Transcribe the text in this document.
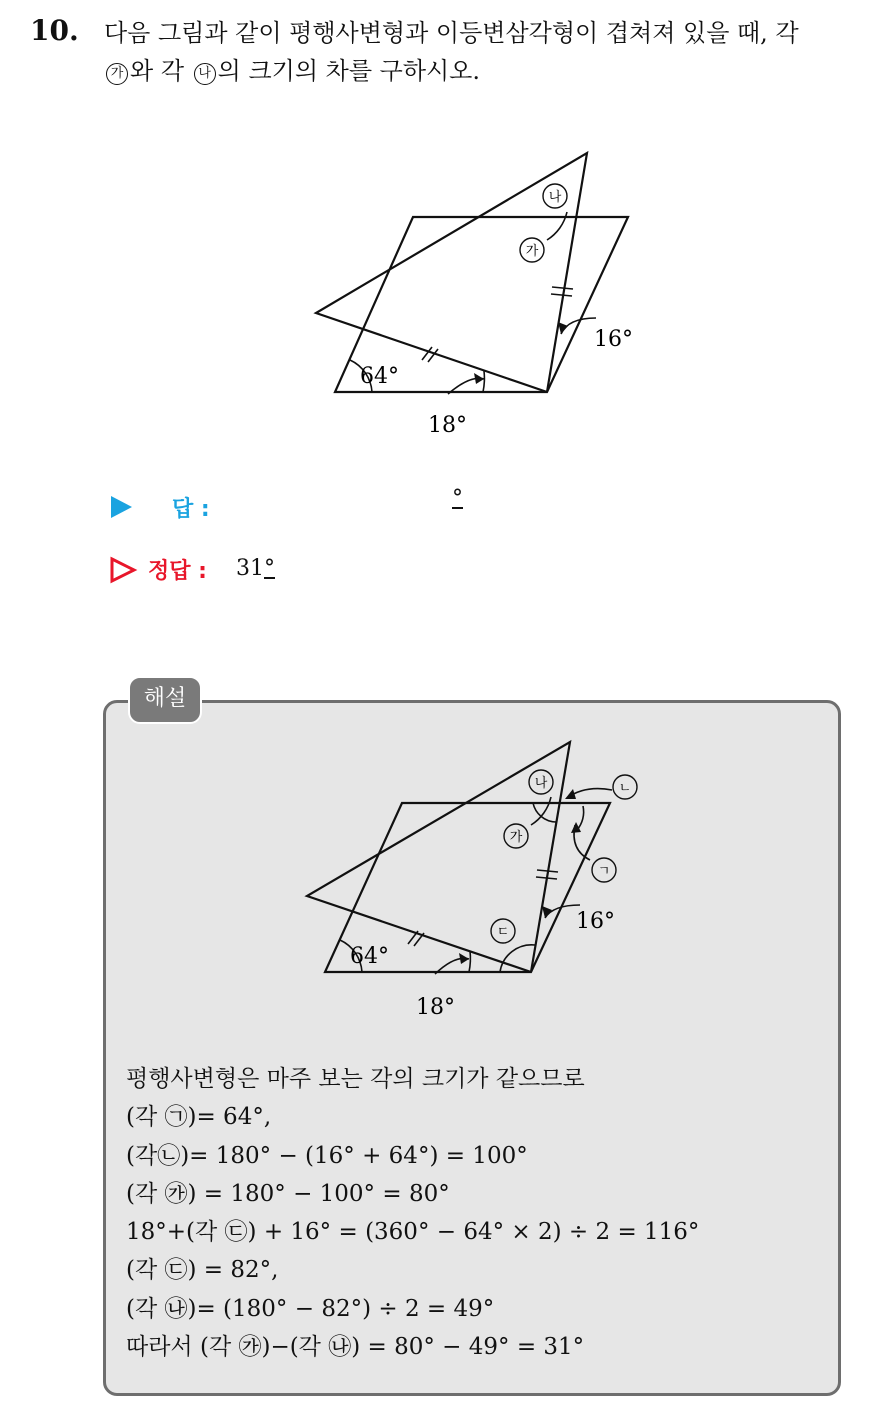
10. 다음 그림과 같이 평행사변형과 이등변삼각형이 겹쳐져 있을 때, 각
가 와 각 나 의 크기의 차를 구하시오.
64°
18°
16°
나
가
답 :	°
정답 : 31°
해설
64°
18°
16°
나
가
ㄴ
ㄱ
ㄷ
평행사변형은 마주 보는 각의 크기가 같으므로
(각 ㉠)= 64°,
(각㉡)= 180° − (16° + 64°) = 100°
(각 ㉮) = 180° − 100° = 80°
18°+(각 ㉢) + 16° = (360° − 64° × 2) ÷ 2 = 116°
(각 ㉢) = 82°,
(각 ㉯)= (180° − 82°) ÷ 2 = 49°
따라서 (각 ㉮)−(각 ㉯) = 80° − 49° = 31°
